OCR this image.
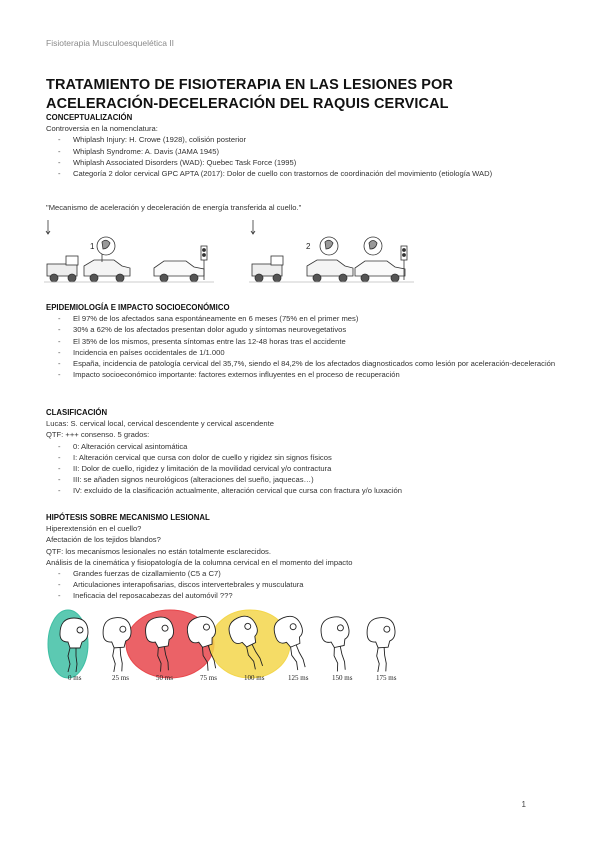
Fisioterapia Musculoesquelética II
TRATAMIENTO DE FISIOTERAPIA EN LAS LESIONES POR ACELERACIÓN-DECELERACIÓN DEL RAQUIS CERVICAL
CONCEPTUALIZACIÓN
Controversia en la nomenclatura:
- Whiplash Injury: H. Crowe (1928), colisión posterior
- Whiplash Syndrome: A. Davis (JAMA 1945)
- Whiplash Associated Disorders (WAD): Quebec Task Force (1995)
- Categoría 2 dolor cervical GPC APTA (2017): Dolor de cuello con trastornos de coordinación del movimiento (etiología WAD)
"Mecanismo de aceleración y deceleración de energía transferida al cuello."
1	2
EPIDEMIOLOGÍA E IMPACTO SOCIOECONÓMICO
- El 97% de los afectados sana espontáneamente en 6 meses (75% en el primer mes)
- 30% a 62% de los afectados presentan dolor agudo y síntomas neurovegetativos
- El 35% de los mismos, presenta síntomas entre las 12-48 horas tras el accidente
- Incidencia en países occidentales de 1/1.000
- España, incidencia de patología cervical del 35,7%, siendo el 84,2% de los afectados diagnosticados como lesión por aceleración-deceleración
- Impacto socioeconómico importante: factores externos influyentes en el proceso de recuperación
CLASIFICACIÓN
Lucas: S. cervical local, cervical descendente y cervical ascendente
QTF: +++ consenso. 5 grados:
- 0: Alteración cervical asintomática
- I: Alteración cervical que cursa con dolor de cuello y rigidez sin signos físicos
- II: Dolor de cuello, rigidez y limitación de la movilidad cervical y/o contractura
- III: se añaden signos neurológicos (alteraciones del sueño, jaquecas…)
- IV: excluido de la clasificación actualmente, alteración cervical que cursa con fractura y/o luxación
HIPÓTESIS SOBRE MECANISMO LESIONAL
Hiperextensión en el cuello?
Afectación de los tejidos blandos?
QTF: los mecanismos lesionales no están totalmente esclarecidos.
Análisis de la cinemática y fisiopatología de la columna cervical en el momento del impacto
- Grandes fuerzas de cizallamiento (C5 a C7)
- Articulaciones interapofisarias, discos intervertebrales y musculatura
- Ineficacia del reposacabezas del automóvil ???
0 ms	25 ms	50 ms	75 ms	100 ms	125 ms	150 ms	175 ms
1
